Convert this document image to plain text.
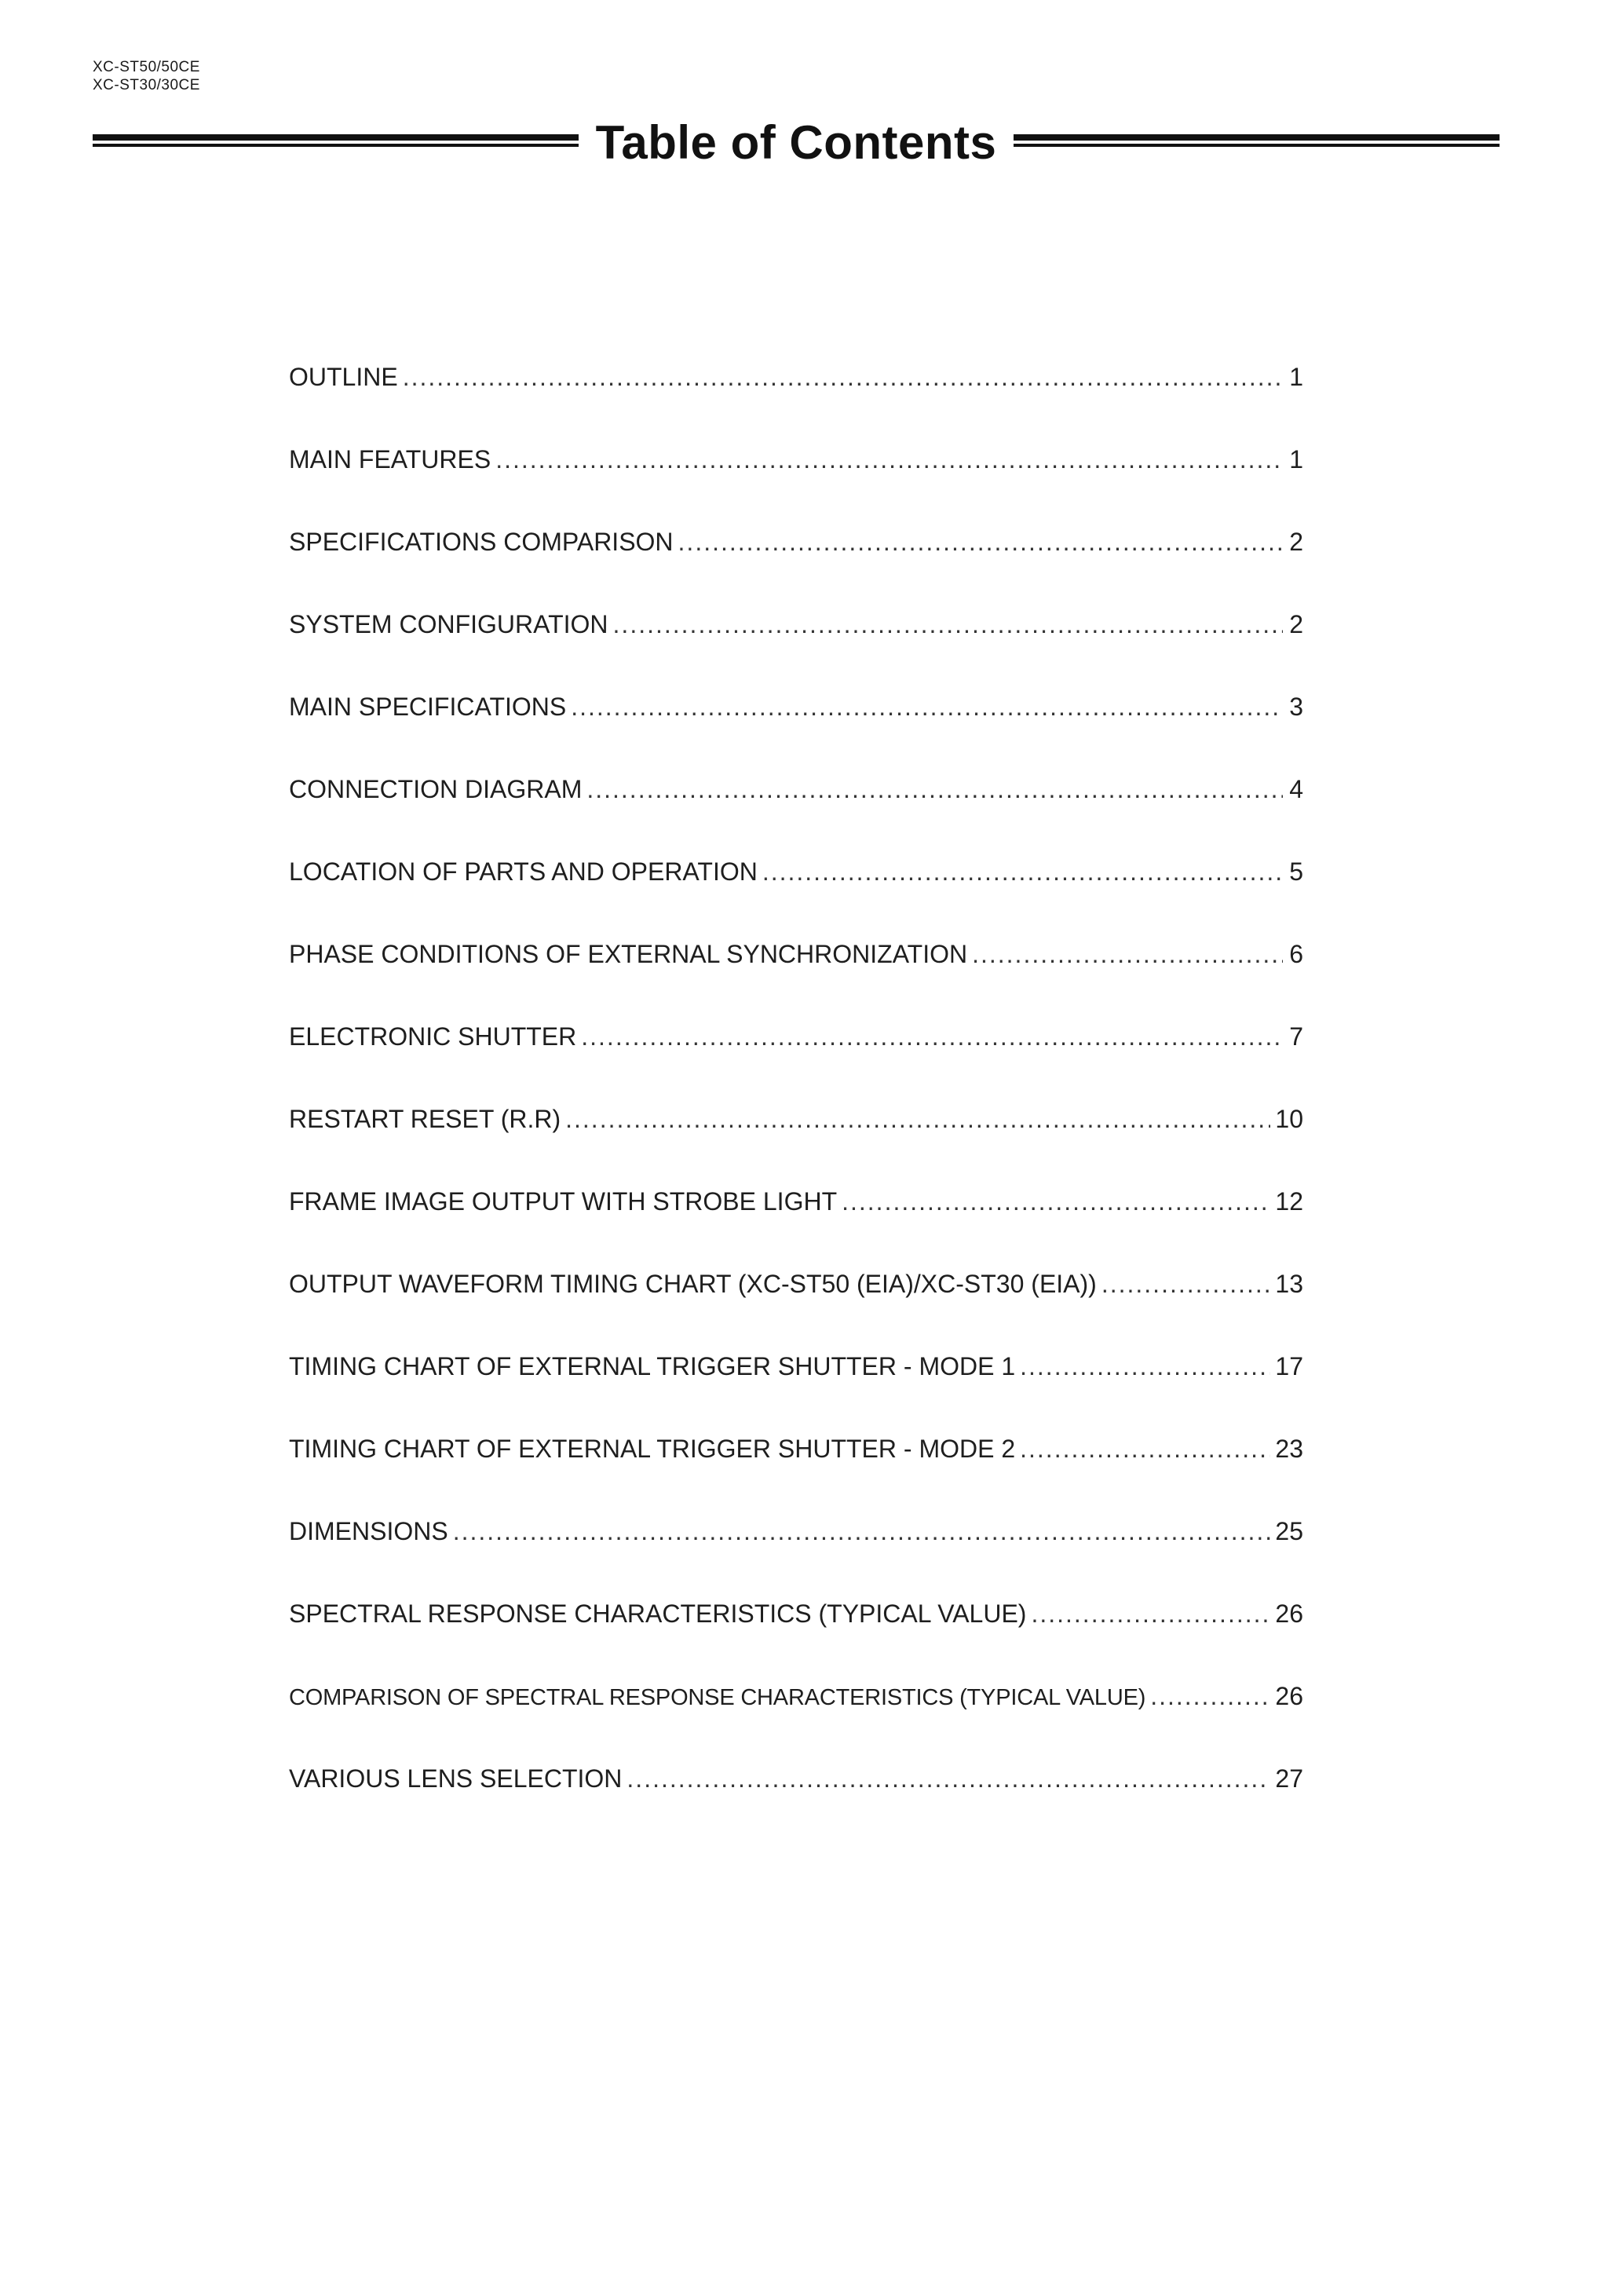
XC-ST50/50CE
XC-ST30/30CE
Table of Contents
OUTLINE .....	1
MAIN FEATURES .....	1
SPECIFICATIONS COMPARISON .....	2
SYSTEM CONFIGURATION .....	2
MAIN SPECIFICATIONS .....	3
CONNECTION DIAGRAM .....	4
LOCATION OF PARTS AND OPERATION .....	5
PHASE CONDITIONS OF EXTERNAL SYNCHRONIZATION .....	6
ELECTRONIC SHUTTER .....	7
RESTART RESET (R.R) .....	10
FRAME IMAGE OUTPUT WITH STROBE LIGHT .....	12
OUTPUT WAVEFORM TIMING CHART (XC-ST50 (EIA)/XC-ST30 (EIA)) .....	13
TIMING CHART OF EXTERNAL TRIGGER SHUTTER - MODE 1 .....	17
TIMING CHART OF EXTERNAL TRIGGER SHUTTER - MODE 2 .....	23
DIMENSIONS .....	25
SPECTRAL RESPONSE CHARACTERISTICS (TYPICAL VALUE) .....	26
COMPARISON OF SPECTRAL RESPONSE CHARACTERISTICS (TYPICAL VALUE) .....	26
VARIOUS LENS SELECTION .....	27
